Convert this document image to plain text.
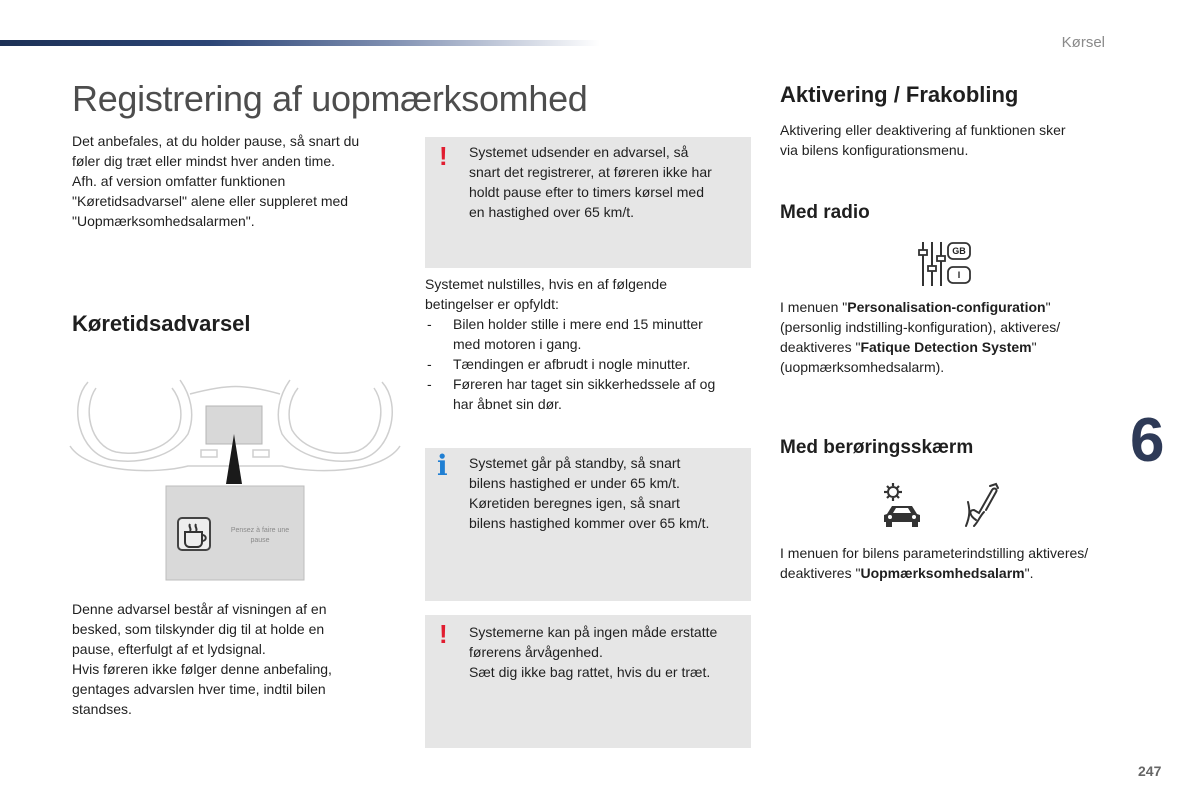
Kørsel
6
247
Registrering af uopmærksomhed
Det anbefales, at du holder pause, så snart du
føler dig træt eller mindst hver anden time.
Afh. af version omfatter funktionen
"Køretidsadvarsel" alene eller suppleret med
"Uopmærksomhedsalarmen".
Køretidsadvarsel
Pensez à faire une
pause
Denne advarsel består af visningen af en
besked, som tilskynder dig til at holde en
pause, efterfulgt af et lydsignal.
Hvis føreren ikke følger denne anbefaling,
gentages advarslen hver time, indtil bilen
standses.
! Systemet udsender en advarsel, så
snart det registrerer, at føreren ikke har
holdt pause efter to timers kørsel med
en hastighed over 65 km/t.
Systemet nulstilles, hvis en af følgende
betingelser er opfyldt:
- Bilen holder stille i mere end 15 minutter
med motoren i gang.
- Tændingen er afbrudt i nogle minutter.
- Føreren har taget sin sikkerhedssele af og
har åbnet sin dør.
i Systemet går på standby, så snart
bilens hastighed er under 65 km/t.
Køretiden beregnes igen, så snart
bilens hastighed kommer over 65 km/t.
! Systemerne kan på ingen måde erstatte
førerens årvågenhed.
Sæt dig ikke bag rattet, hvis du er træt.
Aktivering / Frakobling
Aktivering eller deaktivering af funktionen sker
via bilens konfigurationsmenu.
Med radio
GB
I
I menuen "Personalisation-configuration"
(personlig indstilling-konfiguration), aktiveres/
deaktiveres "Fatique Detection System"
(uopmærksomhedsalarm).
Med berøringsskærm
I menuen for bilens parameterindstilling aktiveres/
deaktiveres "Uopmærksomhedsalarm".
